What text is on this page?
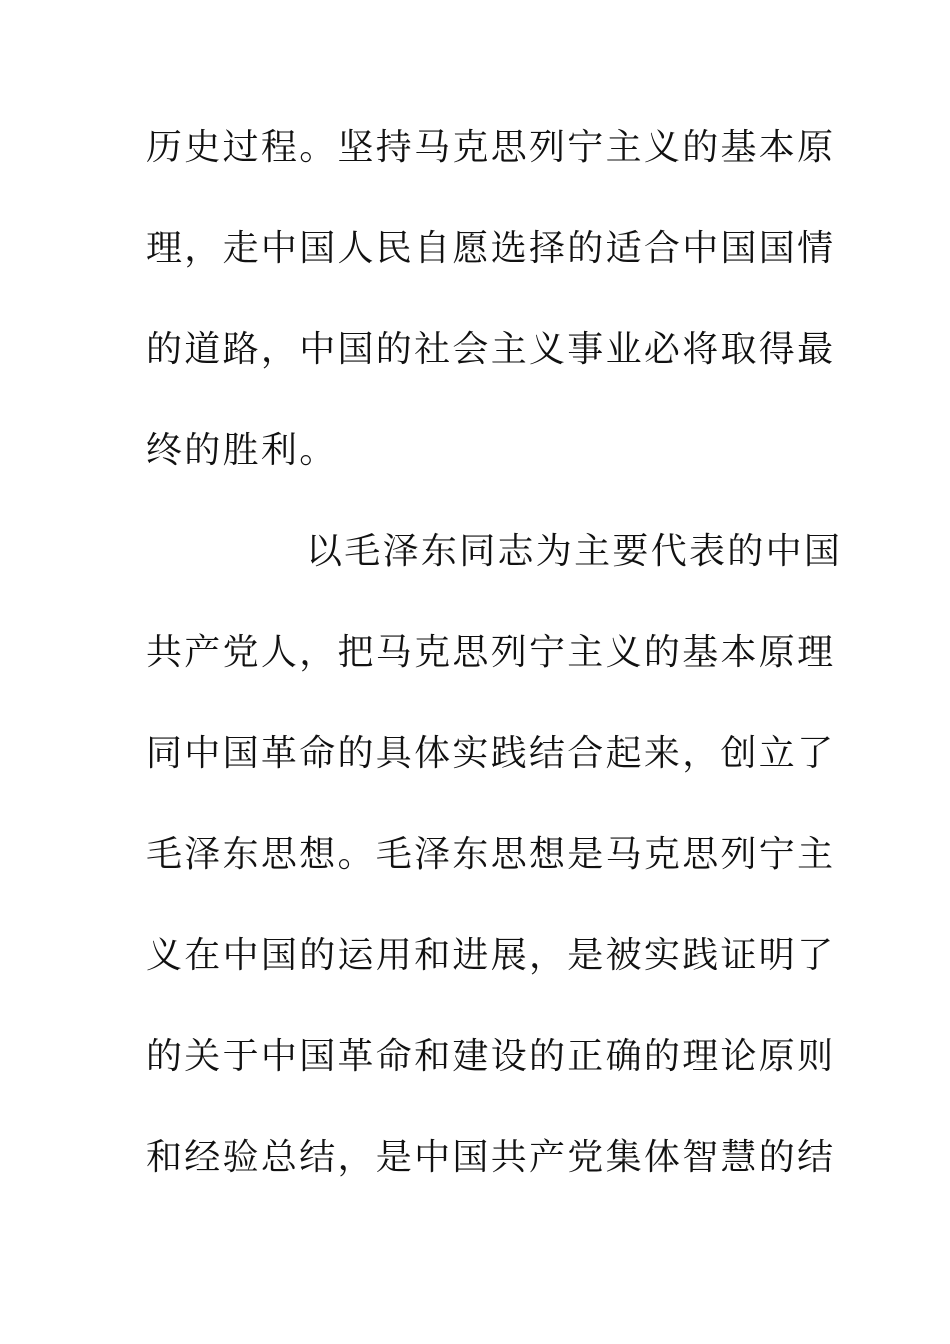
历史过程。坚持马克思列宁主义的基本原
理，走中国人民自愿选择的适合中国国情
的道路，中国的社会主义事业必将取得最
终的胜利。
以毛泽东同志为主要代表的中国
共产党人，把马克思列宁主义的基本原理
同中国革命的具体实践结合起来，创立了
毛泽东思想。毛泽东思想是马克思列宁主
义在中国的运用和进展，是被实践证明了
的关于中国革命和建设的正确的理论原则
和经验总结，是中国共产党集体智慧的结
